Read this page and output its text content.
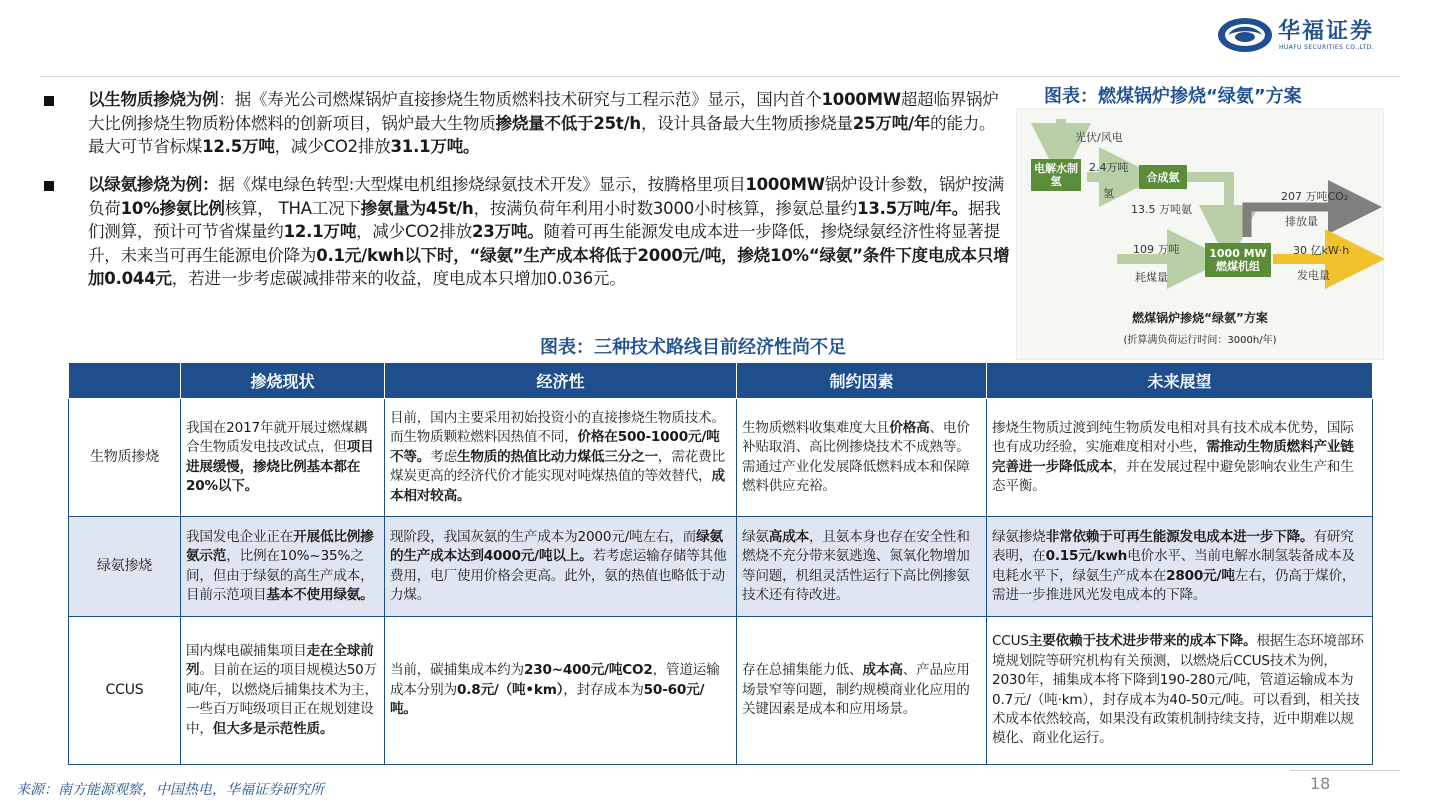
华福证券
HUAFU SECURITIES CO.,LTD.
以生物质掺烧为例：据《寿光公司燃煤锅炉直接掺烧生物质燃料技术研究与工程示范》显示，国内首个1000MW超超临界锅炉大比例掺烧生物质粉体燃料的创新项目，锅炉最大生物质掺烧量不低于25t/h，设计具备最大生物质掺烧量25万吨/年的能力。最大可节省标煤12.5万吨，减少CO2排放31.1万吨。
以绿氨掺烧为例：据《煤电绿色转型:大型煤电机组掺烧绿氨技术开发》显示，按腾格里项目1000MW锅炉设计参数，锅炉按满负荷10%掺氨比例核算， THA工况下掺氨量为45t/h，按满负荷年利用小时数3000小时核算，掺氨总量约13.5万吨/年。据我们测算，预计可节省煤量约12.1万吨，减少CO2排放23万吨。随着可再生能源发电成本进一步降低，掺烧绿氨经济性将显著提升，未来当可再生能源电价降为0.1元/kwh以下时，“绿氨”生产成本将低于2000元/吨，掺烧10%“绿氨”条件下度电成本只增加0.044元，若进一步考虑碳减排带来的收益，度电成本只增加0.036元。
图表：燃煤锅炉掺烧“绿氨”方案
光伏/风电
电解水制氢
2.4万吨
氢
合成氨
13.5 万吨氨
207 万吨CO₂
排放量
109 万吨
耗煤量
1000 MW燃煤机组
30 亿kW·h
发电量
燃煤锅炉掺烧“绿氨”方案
(折算满负荷运行时间：3000h/年)
图表：三种技术路线目前经济性尚不足
	掺烧现状	经济性	制约因素	未来展望
生物质掺烧	我国在2017年就开展过燃煤耦合生物质发电技改试点，但项目进展缓慢，掺烧比例基本都在20%以下。	目前，国内主要采用初始投资小的直接掺烧生物质技术。而生物质颗粒燃料因热值不同，价格在500-1000元/吨不等。考虑生物质的热值比动力煤低三分之一，需花费比煤炭更高的经济代价才能实现对吨煤热值的等效替代，成本相对较高。	生物质燃料收集难度大且价格高、电价补贴取消、高比例掺烧技术不成熟等。需通过产业化发展降低燃料成本和保障燃料供应充裕。	掺烧生物质过渡到纯生物质发电相对具有技术成本优势，国际也有成功经验，实施难度相对小些，需推动生物质燃料产业链完善进一步降低成本，并在发展过程中避免影响农业生产和生态平衡。
绿氨掺烧	我国发电企业正在开展低比例掺氨示范，比例在10%~35%之间，但由于绿氨的高生产成本，目前示范项目基本不使用绿氨。	现阶段，我国灰氨的生产成本为2000元/吨左右，而绿氨的生产成本达到4000元/吨以上。若考虑运输存储等其他费用，电厂使用价格会更高。此外，氨的热值也略低于动力煤。	绿氨高成本，且氨本身也存在安全性和燃烧不充分带来氨逃逸、氮氧化物增加等问题，机组灵活性运行下高比例掺氨技术还有待改进。	绿氨掺烧非常依赖于可再生能源发电成本进一步下降。有研究表明，在0.15元/kwh电价水平、当前电解水制氢装备成本及电耗水平下，绿氨生产成本在2800元/吨左右，仍高于煤价，需进一步推进风光发电成本的下降。
CCUS	国内煤电碳捕集项目走在全球前列。目前在运的项目规模达50万吨/年，以燃烧后捕集技术为主，一些百万吨级项目正在规划建设中，但大多是示范性质。	当前，碳捕集成本约为230~400元/吨CO2，管道运输成本分别为0.8元/（吨•km），封存成本为50-60元/吨。	存在总捕集能力低、成本高、产品应用场景窄等问题，制约规模商业化应用的关键因素是成本和应用场景。	CCUS主要依赖于技术进步带来的成本下降。根据生态环境部环境规划院等研究机构有关预测，以燃烧后CCUS技术为例，2030年，捕集成本将下降到190-280元/吨，管道运输成本为0.7元/（吨·km），封存成本为40-50元/吨。可以看到，相关技术成本依然较高，如果没有政策机制持续支持，近中期难以规模化、商业化运行。
来源：南方能源观察，中国热电，华福证券研究所	18
